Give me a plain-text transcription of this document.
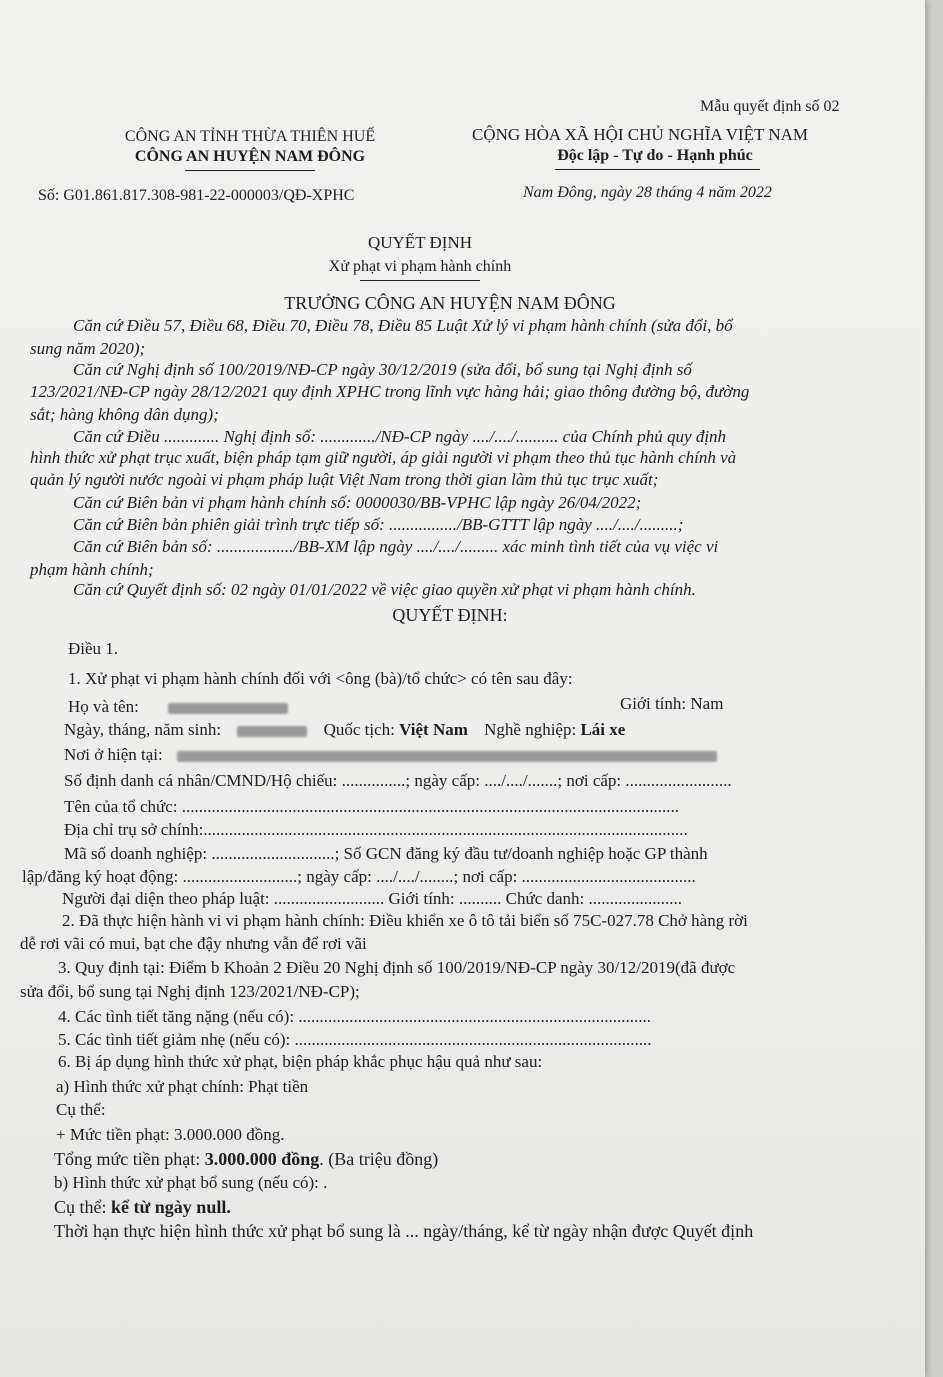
Mẫu quyết định số 02
CÔNG AN TỈNH THỪA THIÊN HUẾ
CÔNG AN HUYỆN NAM ĐÔNG
CỘNG HÒA XÃ HỘI CHỦ NGHĨA VIỆT NAM
Độc lập - Tự do - Hạnh phúc
Số: G01.861.817.308-981-22-000003/QĐ-XPHC	Nam Đông, ngày 28 tháng 4 năm 2022
QUYẾT ĐỊNH
Xử phạt vi phạm hành chính
TRƯỞNG CÔNG AN HUYỆN NAM ĐÔNG
Căn cứ Điều 57, Điều 68, Điều 70, Điều 78, Điều 85 Luật Xử lý vi phạm hành chính (sửa đổi, bổ
sung năm 2020);
Căn cứ Nghị định số 100/2019/NĐ-CP ngày 30/12/2019 (sửa đổi, bổ sung tại Nghị định số
123/2021/NĐ-CP ngày 28/12/2021 quy định XPHC trong lĩnh vực hàng hải; giao thông đường bộ, đường
sắt; hàng không dân dụng);
Căn cứ Điều ............. Nghị định số: ............./NĐ-CP ngày ..../..../.......... của Chính phủ quy định
hình thức xử phạt trục xuất, biện pháp tạm giữ người, áp giải người vi phạm theo thủ tục hành chính và
quản lý người nước ngoài vi phạm pháp luật Việt Nam trong thời gian làm thủ tục trục xuất;
Căn cứ Biên bản vi phạm hành chính số: 0000030/BB-VPHC lập ngày 26/04/2022;
Căn cứ Biên bản phiên giải trình trực tiếp số: ................/BB-GTTT lập ngày ..../..../.........;
Căn cứ Biên bản số: ................../BB-XM lập ngày ..../..../......... xác minh tình tiết của vụ việc vi
phạm hành chính;
Căn cứ Quyết định số: 02 ngày 01/01/2022 về việc giao quyền xử phạt vi phạm hành chính.
QUYẾT ĐỊNH:
Điều 1.
1. Xử phạt vi phạm hành chính đối với <ông (bà)/tổ chức> có tên sau đây:
Họ và tên:	Giới tính: Nam
Ngày, tháng, năm sinh:	Quốc tịch: Việt Nam Nghề nghiệp: Lái xe
Nơi ở hiện tại:
Số định danh cá nhân/CMND/Hộ chiếu: ...............; ngày cấp: ..../..../.......; nơi cấp: .........................
Tên của tổ chức: .....................................................................................................................
Địa chỉ trụ sở chính:..................................................................................................................
Mã số doanh nghiệp: .............................; Số GCN đăng ký đầu tư/doanh nghiệp hoặc GP thành
lập/đăng ký hoạt động: ...........................; ngày cấp: ..../..../........; nơi cấp: .........................................
Người đại diện theo pháp luật: .......................... Giới tính: .......... Chức danh: ......................
2. Đã thực hiện hành vi vi phạm hành chính: Điều khiển xe ô tô tải biển số 75C-027.78 Chở hàng rời
dễ rơi vãi có mui, bạt che đậy nhưng vẫn để rơi vãi
3. Quy định tại: Điểm b Khoản 2 Điều 20 Nghị định số 100/2019/NĐ-CP ngày 30/12/2019(đã được
sửa đổi, bổ sung tại Nghị định 123/2021/NĐ-CP);
4. Các tình tiết tăng nặng (nếu có): ...................................................................................
5. Các tình tiết giảm nhẹ (nếu có): ....................................................................................
6. Bị áp dụng hình thức xử phạt, biện pháp khắc phục hậu quả như sau:
a) Hình thức xử phạt chính: Phạt tiền
Cụ thể:
+ Mức tiền phạt: 3.000.000 đồng.
Tổng mức tiền phạt: 3.000.000 đồng. (Ba triệu đồng)
b) Hình thức xử phạt bổ sung (nếu có): .
Cụ thể: kể từ ngày null.
Thời hạn thực hiện hình thức xử phạt bổ sung là ... ngày/tháng, kể từ ngày nhận được Quyết định
